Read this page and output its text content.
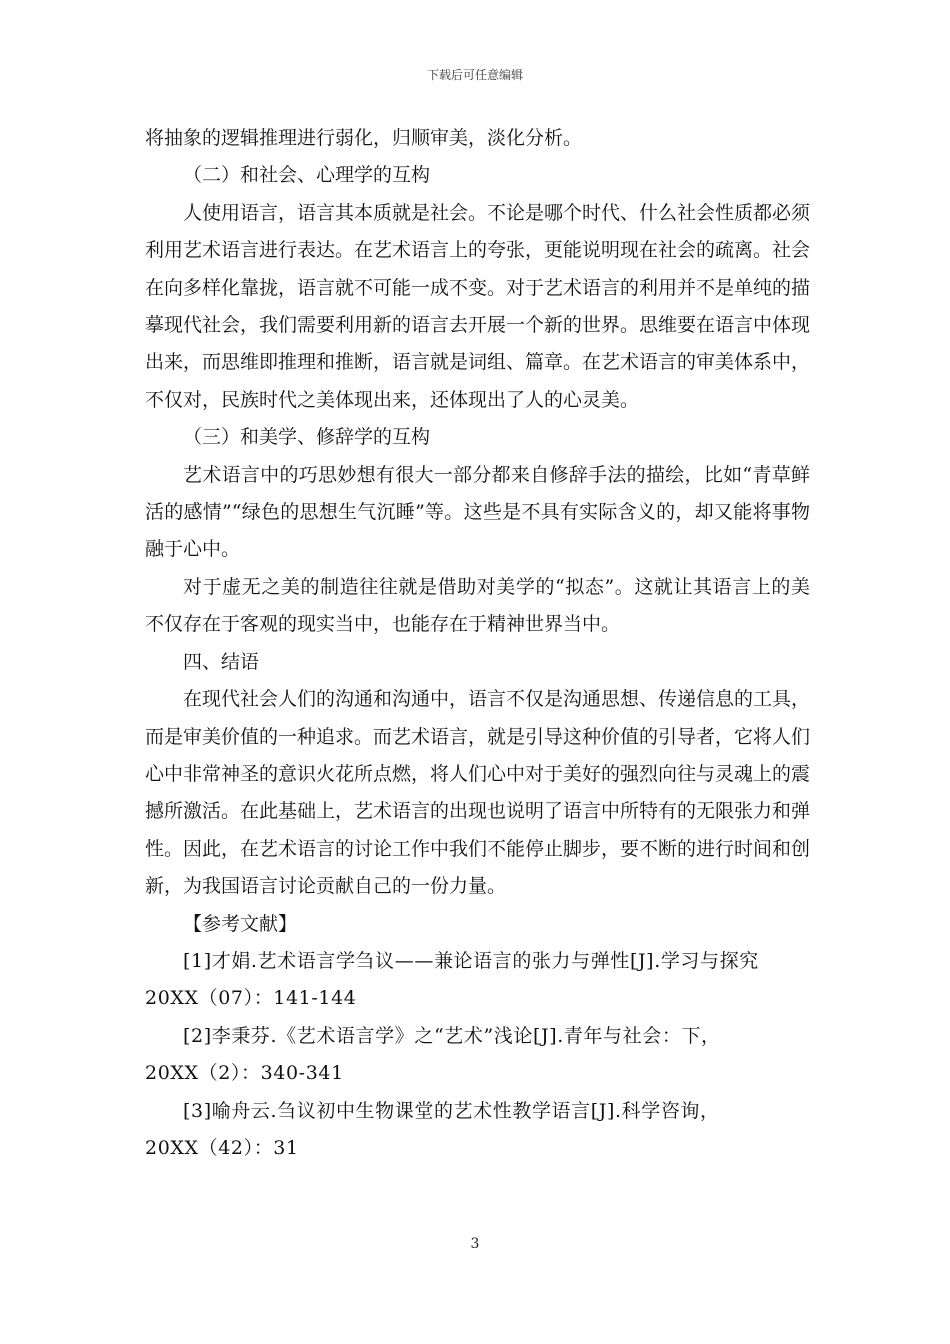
下载后可任意编辑

将抽象的逻辑推理进行弱化，归顺审美，淡化分析。

（二）和社会、心理学的互构

人使用语言，语言其本质就是社会。不论是哪个时代、什么社会性质都必须利用艺术语言进行表达。在艺术语言上的夸张，更能说明现在社会的疏离。社会在向多样化靠拢，语言就不可能一成不变。对于艺术语言的利用并不是单纯的描摹现代社会，我们需要利用新的语言去开展一个新的世界。思维要在语言中体现出来，而思维即推理和推断，语言就是词组、篇章。在艺术语言的审美体系中，不仅对，民族时代之美体现出来，还体现出了人的心灵美。

（三）和美学、修辞学的互构

艺术语言中的巧思妙想有很大一部分都来自修辞手法的描绘，比如“青草鲜活的感情”“绿色的思想生气沉睡”等。这些是不具有实际含义的，却又能将事物融于心中。

对于虚无之美的制造往往就是借助对美学的“拟态”。这就让其语言上的美不仅存在于客观的现实当中，也能存在于精神世界当中。

四、结语

在现代社会人们的沟通和沟通中，语言不仅是沟通思想、传递信息的工具，而是审美价值的一种追求。而艺术语言，就是引导这种价值的引导者，它将人们心中非常神圣的意识火花所点燃，将人们心中对于美好的强烈向往与灵魂上的震撼所激活。在此基础上，艺术语言的出现也说明了语言中所特有的无限张力和弹性。因此，在艺术语言的讨论工作中我们不能停止脚步，要不断的进行时间和创新，为我国语言讨论贡献自己的一份力量。

【参考文献】

[1]才娟.艺术语言学刍议——兼论语言的张力与弹性[J].学习与探究

20XX（07）：141-144

[2]李秉芬.《艺术语言学》之“艺术”浅论[J].青年与社会：下，

20XX（2）：340-341

[3]喻舟云.刍议初中生物课堂的艺术性教学语言[J].科学咨询，

20XX（42）：31

3
